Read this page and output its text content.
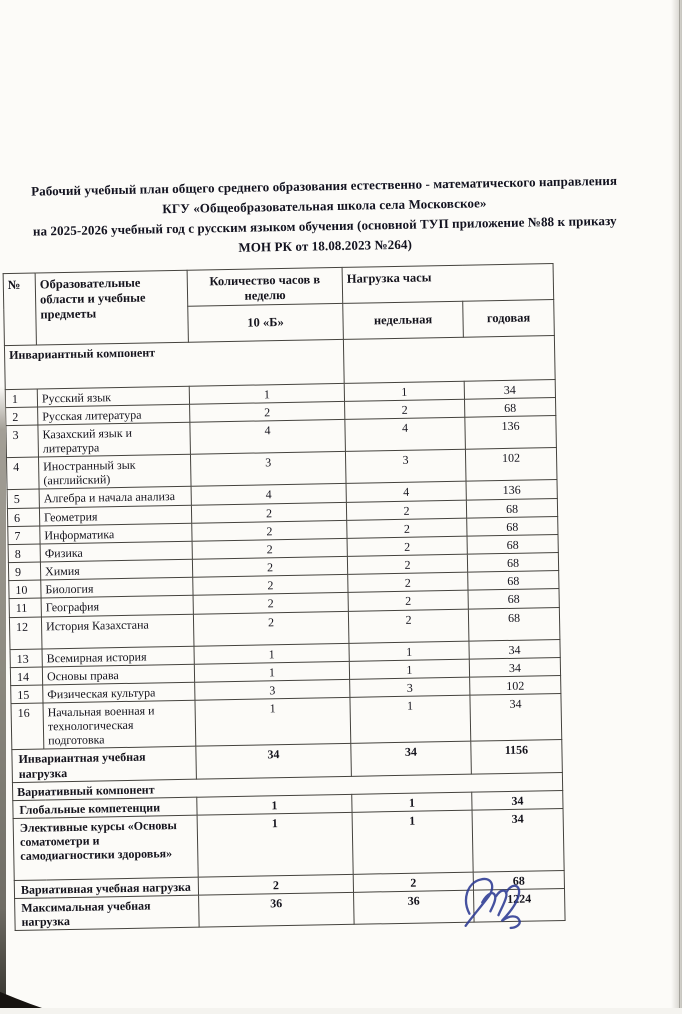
Рабочий учебный план общего среднего образования естественно - математического направления
КГУ «Общеобразовательная школа села Московское»
на 2025-2026 учебный год с русским языком обучения (основной ТУП приложение №88 к приказу
МОН РК от 18.08.2023 №264)
№	Образовательные области и учебные предметы	Количество часов в неделю	Нагрузка часы	
		10 «Б»	недельная	годовая
Инвариантный компонент				
1	Русский язык	1	1	34
2	Русская литература	2	2	68
3	Казахский язык и литература	4	4	136
4	Иностранный зык (английский)	3	3	102
5	Алгебра и начала анализа	4	4	136
6	Геометрия	2	2	68
7	Информатика	2	2	68
8	Физика	2	2	68
9	Химия	2	2	68
10	Биология	2	2	68
11	География	2	2	68
12	История Казахстана	2	2	68
13	Всемирная история	1	1	34
14	Основы права	1	1	34
15	Физическая культура	3	3	102
16	Начальная военная и технологическая подготовка	1	1	34
Инвариантная учебная нагрузка		34	34	1156
Вариативный компонент				
Глобальные компетенции		1	1	34
Элективные курсы «Основы соматометри и самодиагностики здоровья»		1	1	34
Вариативная учебная нагрузка		2	2	68
Максимальная учебная нагрузка		36	36	1224
